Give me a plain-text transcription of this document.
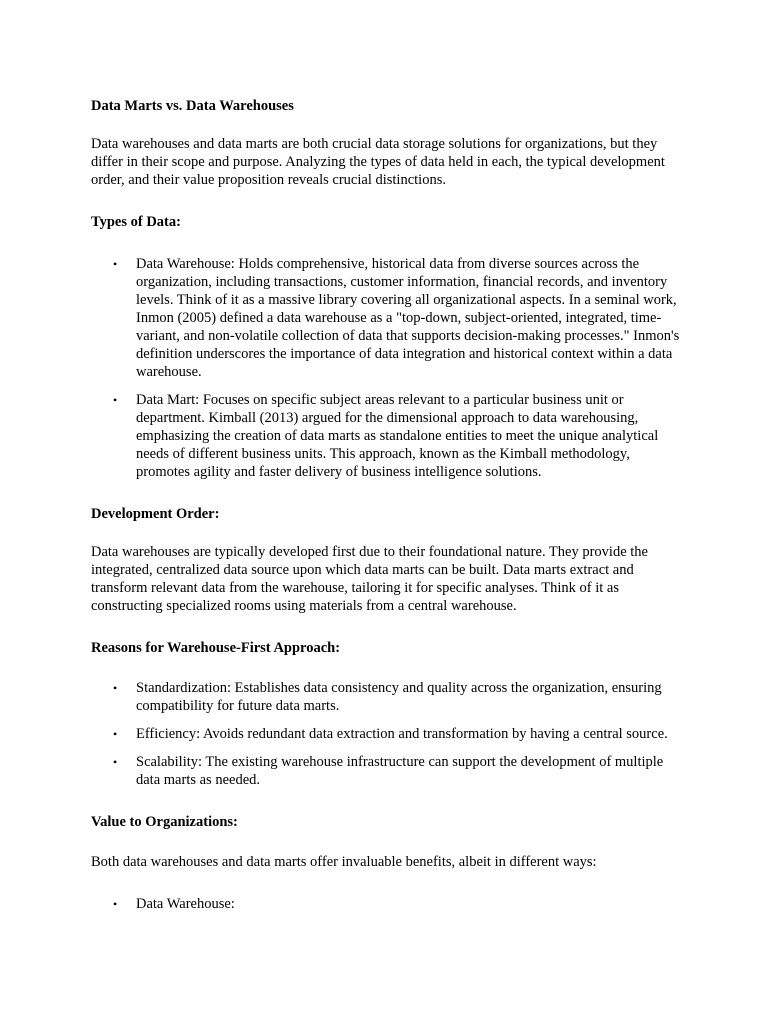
Data Marts vs. Data Warehouses

Data warehouses and data marts are both crucial data storage solutions for organizations, but they differ in their scope and purpose. Analyzing the types of data held in each, the typical development order, and their value proposition reveals crucial distinctions.

Types of Data:

• Data Warehouse: Holds comprehensive, historical data from diverse sources across the organization, including transactions, customer information, financial records, and inventory levels. Think of it as a massive library covering all organizational aspects. In a seminal work, Inmon (2005) defined a data warehouse as a "top-down, subject-oriented, integrated, time-variant, and non-volatile collection of data that supports decision-making processes." Inmon's definition underscores the importance of data integration and historical context within a data warehouse.
• Data Mart: Focuses on specific subject areas relevant to a particular business unit or department. Kimball (2013) argued for the dimensional approach to data warehousing, emphasizing the creation of data marts as standalone entities to meet the unique analytical needs of different business units. This approach, known as the Kimball methodology, promotes agility and faster delivery of business intelligence solutions.

Development Order:

Data warehouses are typically developed first due to their foundational nature. They provide the integrated, centralized data source upon which data marts can be built. Data marts extract and transform relevant data from the warehouse, tailoring it for specific analyses. Think of it as constructing specialized rooms using materials from a central warehouse.

Reasons for Warehouse-First Approach:

• Standardization: Establishes data consistency and quality across the organization, ensuring compatibility for future data marts.
• Efficiency: Avoids redundant data extraction and transformation by having a central source.
• Scalability: The existing warehouse infrastructure can support the development of multiple data marts as needed.

Value to Organizations:

Both data warehouses and data marts offer invaluable benefits, albeit in different ways:

• Data Warehouse:
